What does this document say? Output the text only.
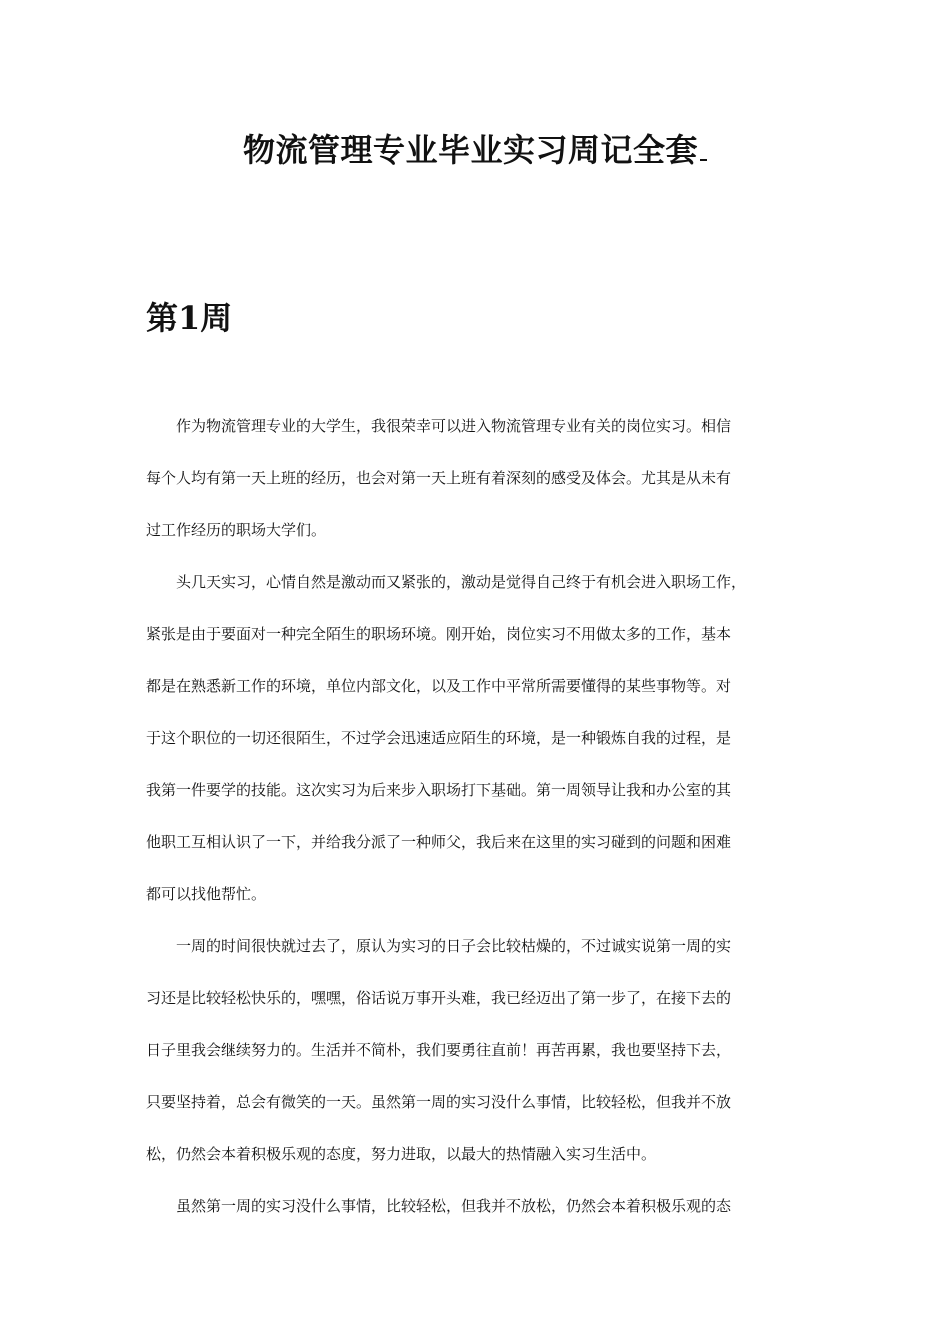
物流管理专业毕业实习周记全套
第1周

作为物流管理专业的大学生，我很荣幸可以进入物流管理专业有关的岗位实习。相信
每个人均有第一天上班的经历，也会对第一天上班有着深刻的感受及体会。尤其是从未有
过工作经历的职场大学们。

头几天实习，心情自然是激动而又紧张的，激动是觉得自己终于有机会进入职场工作，
紧张是由于要面对一种完全陌生的职场环境。刚开始，岗位实习不用做太多的工作，基本
都是在熟悉新工作的环境，单位内部文化，以及工作中平常所需要懂得的某些事物等。对
于这个职位的一切还很陌生，不过学会迅速适应陌生的环境，是一种锻炼自我的过程，是
我第一件要学的技能。这次实习为后来步入职场打下基础。第一周领导让我和办公室的其
他职工互相认识了一下，并给我分派了一种师父，我后来在这里的实习碰到的问题和困难
都可以找他帮忙。

一周的时间很快就过去了，原认为实习的日子会比较枯燥的，不过诚实说第一周的实
习还是比较轻松快乐的，嘿嘿，俗话说万事开头难，我已经迈出了第一步了，在接下去的
日子里我会继续努力的。生活并不简朴，我们要勇往直前！再苦再累，我也要坚持下去，
只要坚持着，总会有微笑的一天。虽然第一周的实习没什么事情，比较轻松，但我并不放
松，仍然会本着积极乐观的态度，努力进取，以最大的热情融入实习生活中。

虽然第一周的实习没什么事情，比较轻松，但我并不放松，仍然会本着积极乐观的态
